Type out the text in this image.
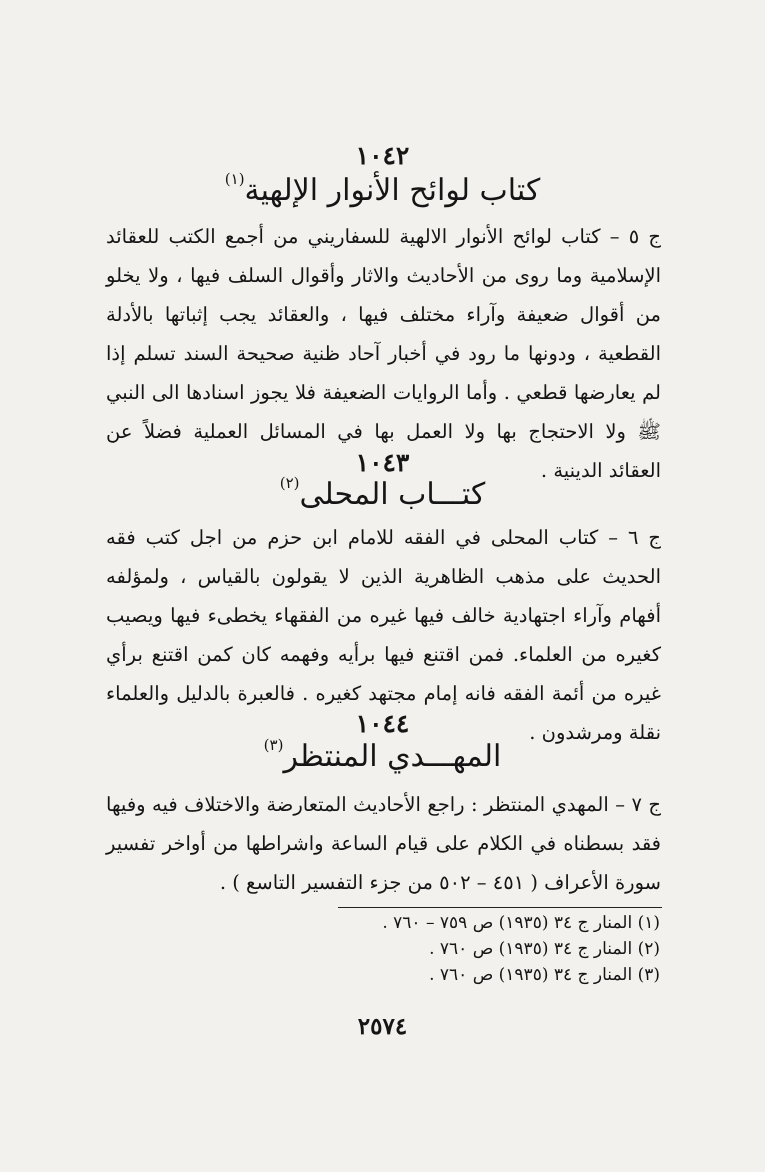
١٠٤٢
كتاب لوائح الأنوار الإلهية$^{(١)}$

ج ٥ – كتاب لوائح الأنوار الالهية للسفاريني من أجمع الكتب للعقائد الإسلامية وما روى من الأحاديث والاثار وأقوال السلف فيها ، ولا يخلو من أقوال ضعيفة وآراء مختلف فيها ، والعقائد يجب إثباتها بالأدلة القطعية ، ودونها ما رود في أخبار آحاد ظنية صحيحة السند تسلم إذا لم يعارضها قطعي . وأما الروايات الضعيفة فلا يجوز اسنادها الى النبي ﷺ ولا الاحتجاج بها ولا العمل بها في المسائل العملية فضلاً عن العقائد الدينية .

١٠٤٣
كتـــاب المحلى$^{(٢)}$

ج ٦ – كتاب المحلى في الفقه للامام ابن حزم من اجل كتب فقه الحديث على مذهب الظاهرية الذين لا يقولون بالقياس ، ولمؤلفه أفهام وآراء اجتهادية خالف فيها غيره من الفقهاء يخطىء فيها ويصيب كغيره من العلماء. فمن اقتنع فيها برأيه وفهمه كان كمن اقتنع برأي غيره من أئمة الفقه فانه إمام مجتهد كغيره . فالعبرة بالدليل والعلماء نقلة ومرشدون .

١٠٤٤
المهـــدي المنتظر$^{(٣)}$

ج ٧ – المهدي المنتظر : راجع الأحاديث المتعارضة والاختلاف فيه وفيها فقد بسطناه في الكلام على قيام الساعة واشراطها من أواخر تفسير سورة الأعراف ( ٤٥١ – ٥٠٢ من جزء التفسير التاسع ) .

(١) المنار ج ٣٤ (١٩٣٥) ص ٧٥٩ – ٧٦٠ .
(٢) المنار ج ٣٤ (١٩٣٥) ص ٧٦٠ .
(٣) المنار ج ٣٤ (١٩٣٥) ص ٧٦٠ .
٢٥٧٤
